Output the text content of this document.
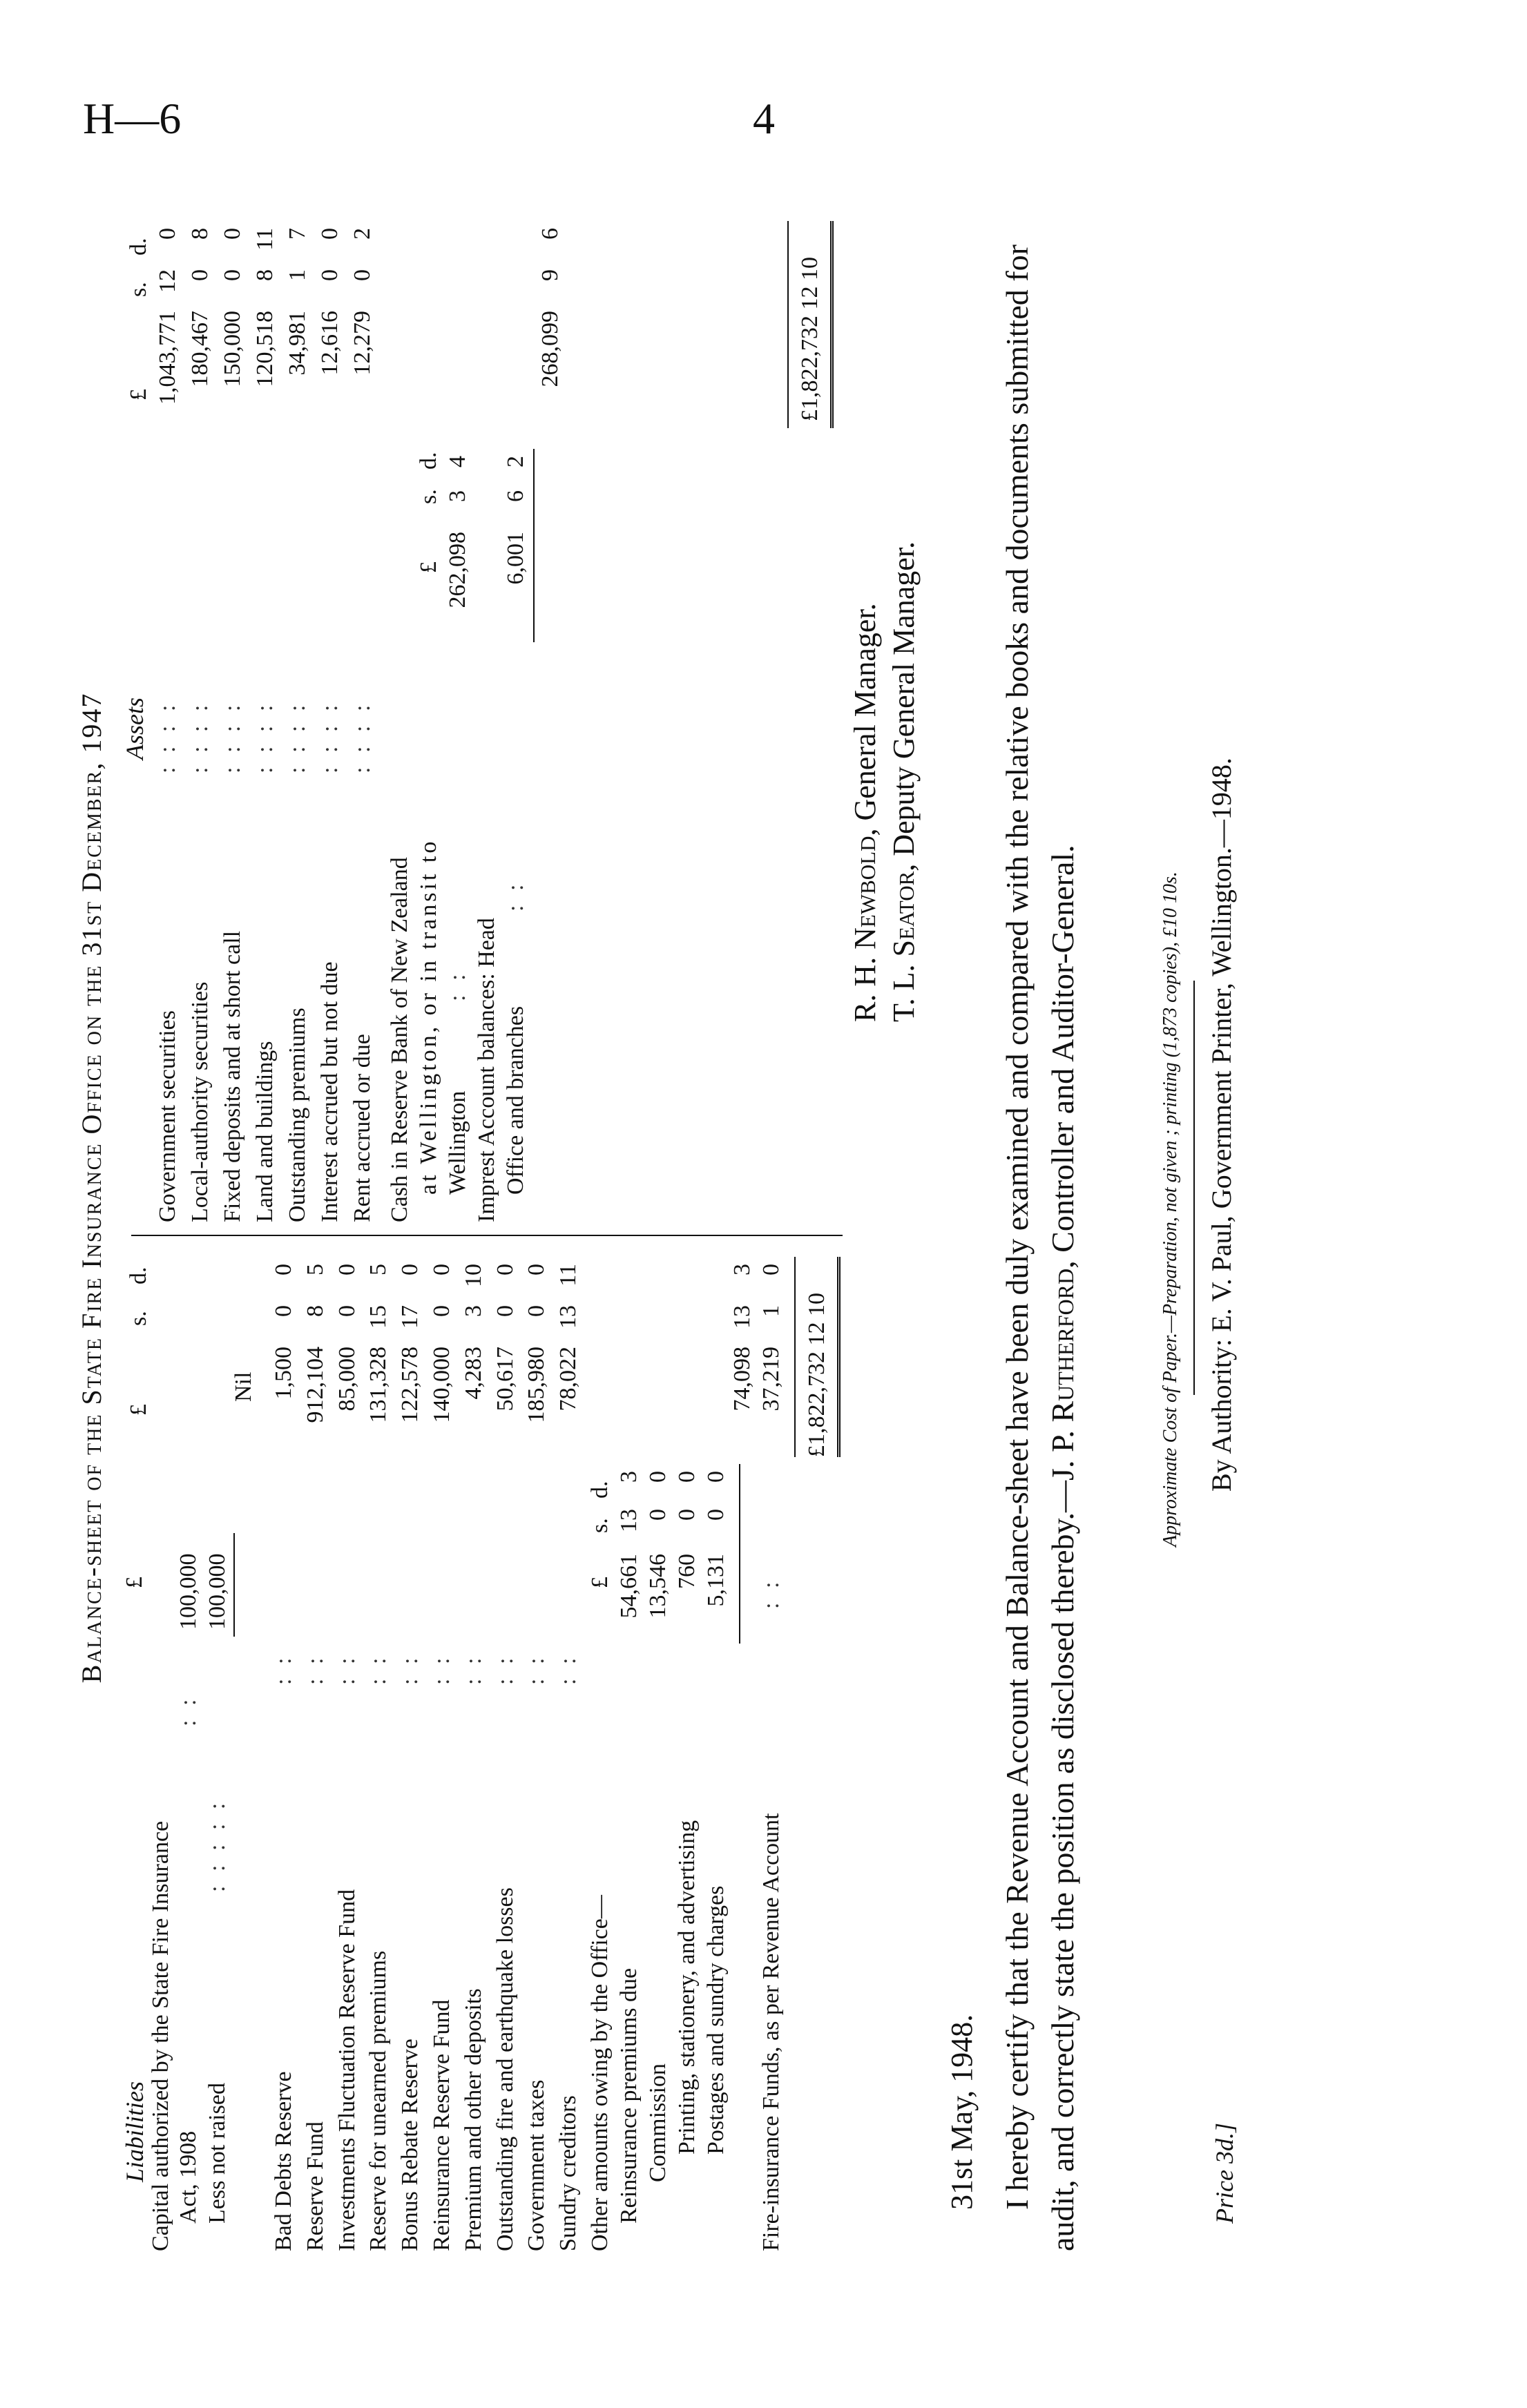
H—6	4
Balance-sheet of the State Fire Insurance Office on the 31st December, 1947
Liabilities
£
£
s.
d.
Capital authorized by the State Fire Insurance Act, 1908
: :
100,000
Less not raised
: : : : :
100,000
Nil
Bad Debts Reserve
: :
1,500
0
0
Reserve Fund
: :
912,104
8
5
Investments Fluctuation Reserve Fund
: :
85,000
0
0
Reserve for unearned premiums
: :
131,328
15
5
Bonus Rebate Reserve
: :
122,578
17
0
Reinsurance Reserve Fund
: :
140,000
0
0
Premium and other deposits
: :
4,283
3
10
Outstanding fire and earthquake losses
: :
50,617
0
0
Government taxes
: :
185,980
0
0
Sundry creditors
: :
78,022
13
11
Other amounts owing by the Office—
£
s.
d.
Reinsurance premiums due
54,661
13
3
Commission
13,546
0
0
Printing, stationery, and advertising
760
0
0
Postages and sundry charges
5,131
0
0
74,098
13
3
Fire-insurance Funds, as per Revenue Account
: :
37,219
1
0
£1,822,732 12 10
Assets
£
s.
d.
Government securities
: : : :
1,043,771
12
0
Local-authority securities
: : : :
180,467
0
8
Fixed deposits and at short call
: : : :
150,000
0
0
Land and buildings
: : : :
120,518
8
11
Outstanding premiums
: : : :
34,981
1
7
Interest accrued but not due
: : : :
12,616
0
0
Rent accrued or due
: : : :
12,279
0
2
Cash in Reserve Bank of New Zealand at Wellington, or in transit to
£
s.
d.
Wellington
: :
262,098
3
4
Imprest Account balances: Head Office and branches
: :
6,001
6
2
268,099
9
6
£1,822,732 12 10
R. H. Newbold, General Manager.
T. L. Seator, Deputy General Manager.
31st May, 1948. I hereby certify that the Revenue Account and Balance-sheet have been duly examined and compared with the relative books and documents submitted for audit, and correctly state the position as disclosed thereby.—J. P. Rutherford, Controller and Auditor-General.	Approximate Cost of Paper.—Preparation, not given ; printing (1,873 copies), £10 10s. By Authority: E. V. Paul, Government Printer, Wellington.—1948.
Price 3d.]
